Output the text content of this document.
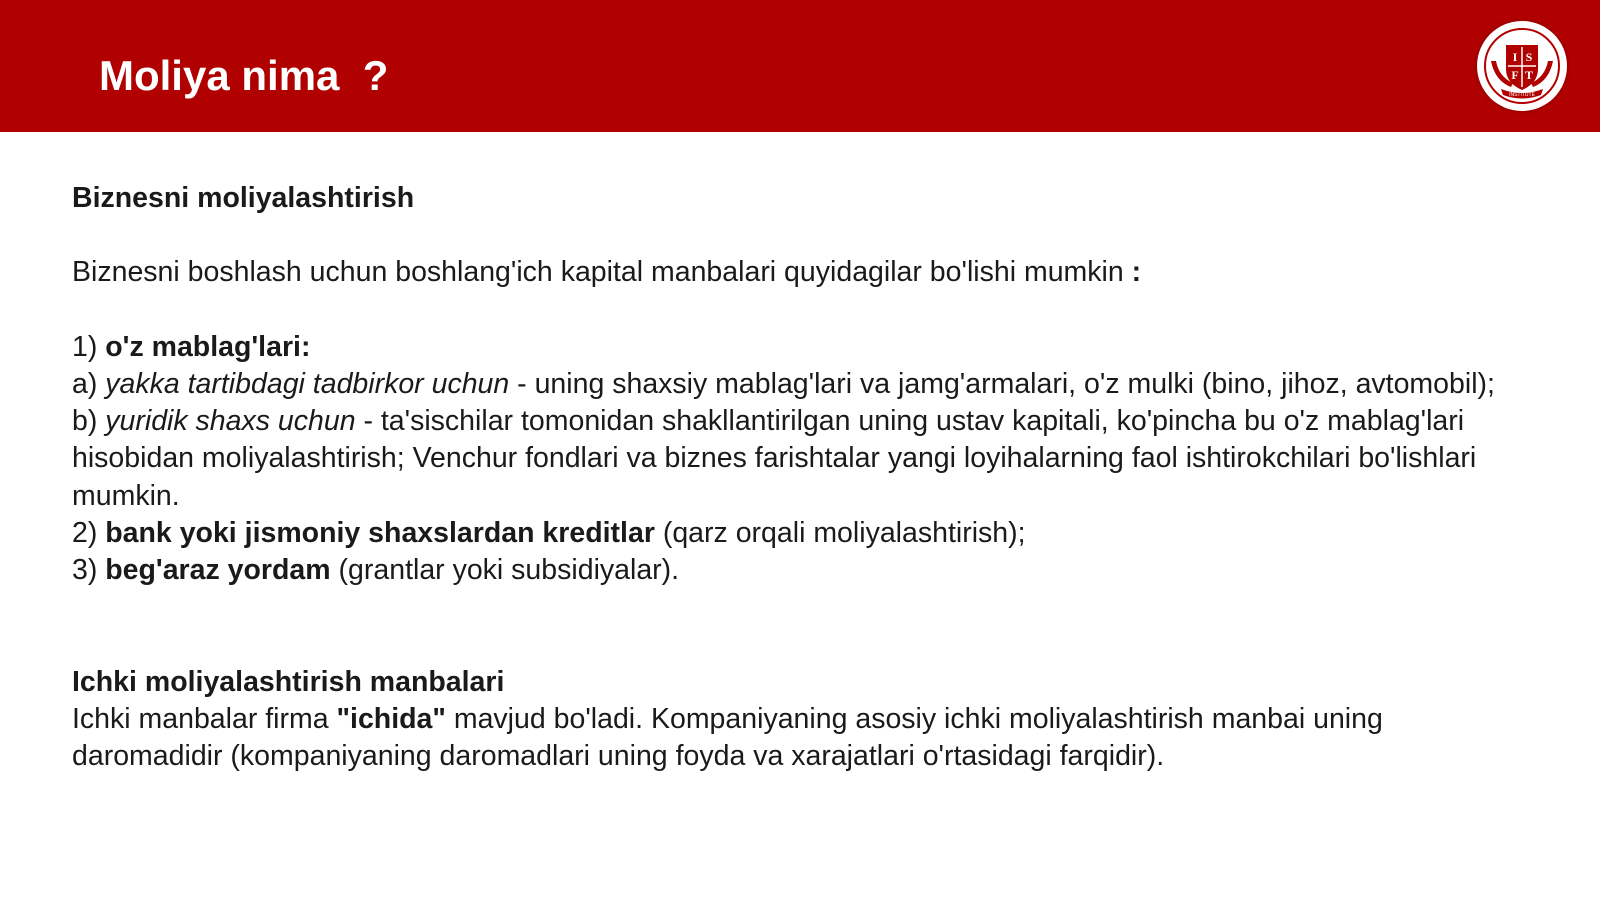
Moliya nima  ?	I S
F T
INSTITUTE

Biznesni moliyalashtirish

Biznesni boshlash uchun boshlang'ich kapital manbalari quyidagilar bo'lishi mumkin :

1) o'z mablag'lari:

a) yakka tartibdagi tadbirkor uchun - uning shaxsiy mablag'lari va jamg'armalari, o'z mulki (bino, jihoz, avtomobil);

b) yuridik shaxs uchun - ta'sischilar tomonidan shakllantirilgan uning ustav kapitali, ko'pincha bu o'z mablag'lari hisobidan moliyalashtirish; Venchur fondlari va biznes farishtalar yangi loyihalarning faol ishtirokchilari bo'lishlari mumkin.

2) bank yoki jismoniy shaxslardan kreditlar (qarz orqali moliyalashtirish);

3) beg'araz yordam (grantlar yoki subsidiyalar).

Ichki moliyalashtirish manbalari

Ichki manbalar firma "ichida" mavjud bo'ladi. Kompaniyaning asosiy ichki moliyalashtirish manbai uning daromadidir (kompaniyaning daromadlari uning foyda va xarajatlari o'rtasidagi farqidir).
